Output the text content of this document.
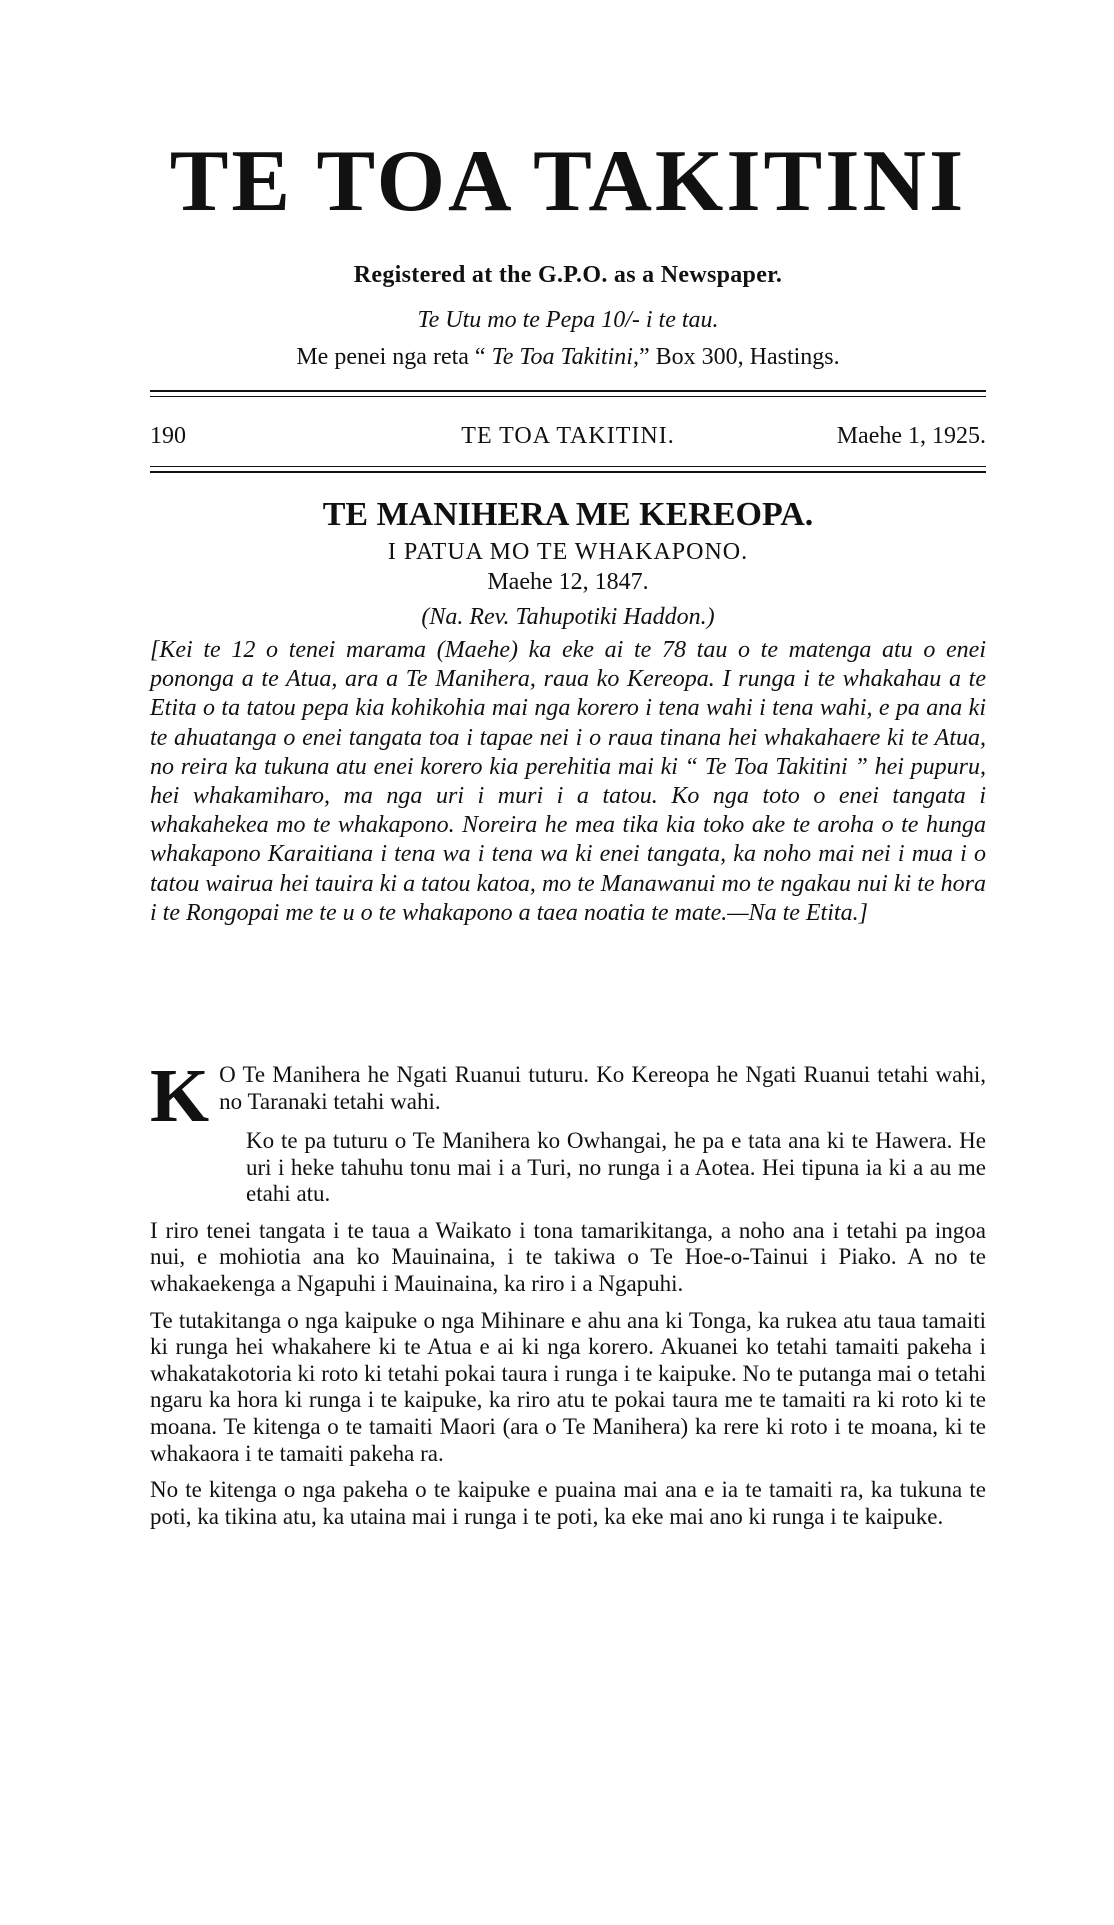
TE TOA TAKITINI
Registered at the G.P.O. as a Newspaper.
Te Utu mo te Pepa 10/- i te tau.
Me penei nga reta “ Te Toa Takitini,” Box 300, Hastings.
TE TOA TAKITINI.
190	Maehe 1, 1925.
TE MANIHERA ME KEREOPA.
I PATUA MO TE WHAKAPONO.
Maehe 12, 1847.
(Na. Rev. Tahupotiki Haddon.)
[Kei te 12 o tenei marama (Maehe) ka eke ai te 78 tau o te matenga atu o enei pononga a te Atua, ara a Te Manihera, raua ko Kereopa. I runga i te whakahau a te Etita o ta tatou pepa kia kohikohia mai nga korero i tena wahi i tena wahi, e pa ana ki te ahuatanga o enei tangata toa i tapae nei i o raua tinana hei whakahaere ki te Atua, no reira ka tukuna atu enei korero kia perehitia mai ki “ Te Toa Takitini ” hei pupuru, hei whakamiharo, ma nga uri i muri i a tatou. Ko nga toto o enei tangata i whakahekea mo te whakapono. Noreira he mea tika kia toko ake te aroha o te hunga whakapono Karaitiana i tena wa i tena wa ki enei tangata, ka noho mai nei i mua i o tatou wairua hei tauira ki a tatou katoa, mo te Manawanui mo te ngakau nui ki te hora i te Rongopai me te u o te whakapono a taea noatia te mate.—Na te Etita.]

K O Te Manihera he Ngati Ruanui tuturu. Ko Kereopa he Ngati Ruanui tetahi wahi, no Taranaki tetahi wahi.
Ko te pa tuturu o Te Manihera ko Owhangai, he pa e tata ana ki te Hawera. He uri i heke tahuhu tonu mai i a Turi, no runga i a Aotea. Hei tipuna ia ki a au me etahi atu.

I riro tenei tangata i te taua a Waikato i tona tamarikitanga, a noho ana i tetahi pa ingoa nui, e mohiotia ana ko Mauinaina, i te takiwa o Te Hoe-o-Tainui i Piako. A no te whakaekenga a Ngapuhi i Mauinaina, ka riro i a Ngapuhi.

Te tutakitanga o nga kaipuke o nga Mihinare e ahu ana ki Tonga, ka rukea atu taua tamaiti ki runga hei whakahere ki te Atua e ai ki nga korero. Akuanei ko tetahi tamaiti pakeha i whakatakotoria ki roto ki tetahi pokai taura i runga i te kaipuke. No te putanga mai o tetahi ngaru ka hora ki runga i te kaipuke, ka riro atu te pokai taura me te tamaiti ra ki roto ki te moana. Te kitenga o te tamaiti Maori (ara o Te Manihera) ka rere ki roto i te moana, ki te whakaora i te tamaiti pakeha ra.

No te kitenga o nga pakeha o te kaipuke e puaina mai ana e ia te tamaiti ra, ka tukuna te poti, ka tikina atu, ka utaina mai i runga i te poti, ka eke mai ano ki runga i te kaipuke.
